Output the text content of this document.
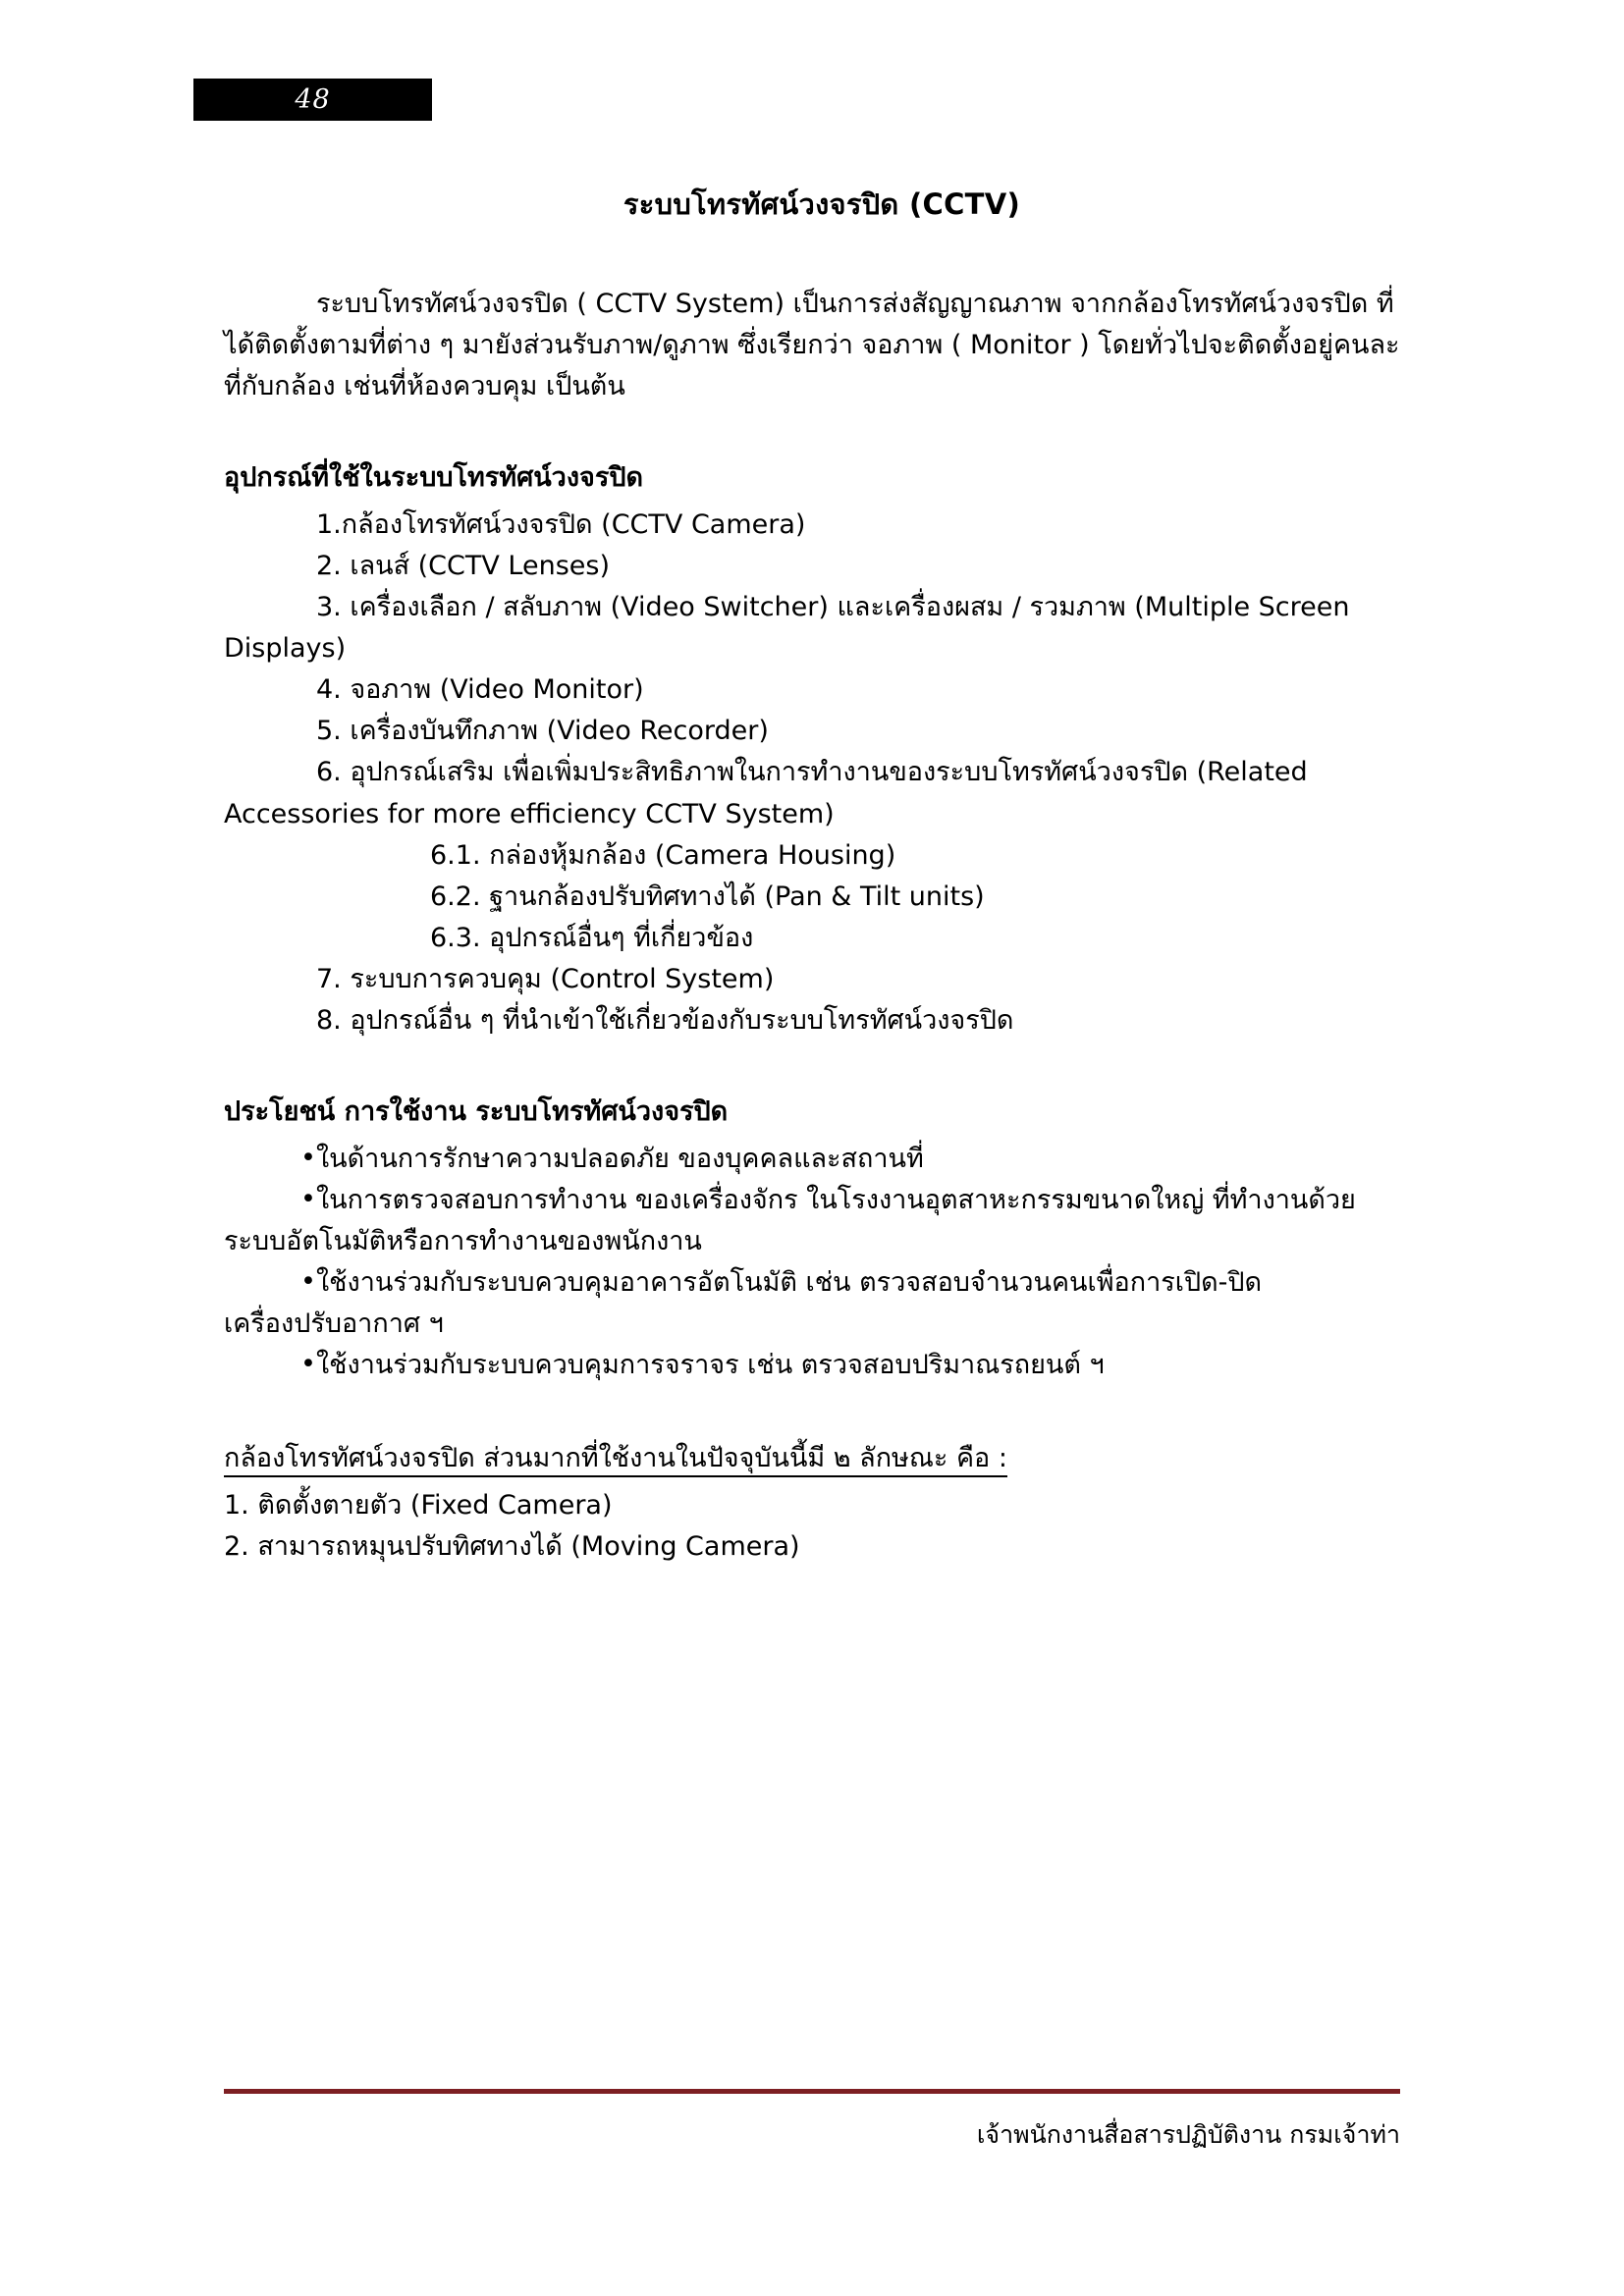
48
ระบบโทรทัศน์วงจรปิด (CCTV)

ระบบโทรทัศน์วงจรปิด ( CCTV System) เป็นการส่งสัญญาณภาพ จากกล้องโทรทัศน์วงจรปิด ที่ ได้ติดตั้งตามที่ต่าง ๆ มายังส่วนรับภาพ/ดูภาพ ซึ่งเรียกว่า จอภาพ ( Monitor ) โดยทั่วไปจะติดตั้งอยู่คนละ ที่กับกล้อง เช่นที่ห้องควบคุม เป็นต้น

อุปกรณ์ที่ใช้ในระบบโทรทัศน์วงจรปิด
1.กล้องโทรทัศน์วงจรปิด (CCTV Camera)
2. เลนส์ (CCTV Lenses)
3. เครื่องเลือก / สลับภาพ (Video Switcher) และเครื่องผสม / รวมภาพ (Multiple Screen
Displays)
4. จอภาพ (Video Monitor)
5. เครื่องบันทึกภาพ (Video Recorder)
6. อุปกรณ์เสริม เพื่อเพิ่มประสิทธิภาพในการทำงานของระบบโทรทัศน์วงจรปิด (Related
Accessories for more efficiency CCTV System)
6.1. กล่องหุ้มกล้อง (Camera Housing)
6.2. ฐานกล้องปรับทิศทางได้ (Pan & Tilt units)
6.3. อุปกรณ์อื่นๆ ที่เกี่ยวข้อง
7. ระบบการควบคุม (Control System)
8. อุปกรณ์อื่น ๆ ที่นำเข้าใช้เกี่ยวข้องกับระบบโทรทัศน์วงจรปิด
ประโยชน์ การใช้งาน ระบบโทรทัศน์วงจรปิด
• ในด้านการรักษาความปลอดภัย ของบุคคลและสถานที่
• ในการตรวจสอบการทำงาน ของเครื่องจักร ในโรงงานอุตสาหะกรรมขนาดใหญ่ ที่ทำงานด้วย
ระบบอัตโนมัติหรือการทำงานของพนักงาน
• ใช้งานร่วมกับระบบควบคุมอาคารอัตโนมัติ เช่น ตรวจสอบจำนวนคนเพื่อการเปิด-ปิด
เครื่องปรับอากาศ ฯ
• ใช้งานร่วมกับระบบควบคุมการจราจร เช่น ตรวจสอบปริมาณรถยนต์ ฯ
กล้องโทรทัศน์วงจรปิด ส่วนมากที่ใช้งานในปัจจุบันนี้มี ๒ ลักษณะ คือ :
1. ติดตั้งตายตัว (Fixed Camera)
2. สามารถหมุนปรับทิศทางได้ (Moving Camera)
เจ้าพนักงานสื่อสารปฏิบัติงาน กรมเจ้าท่า
